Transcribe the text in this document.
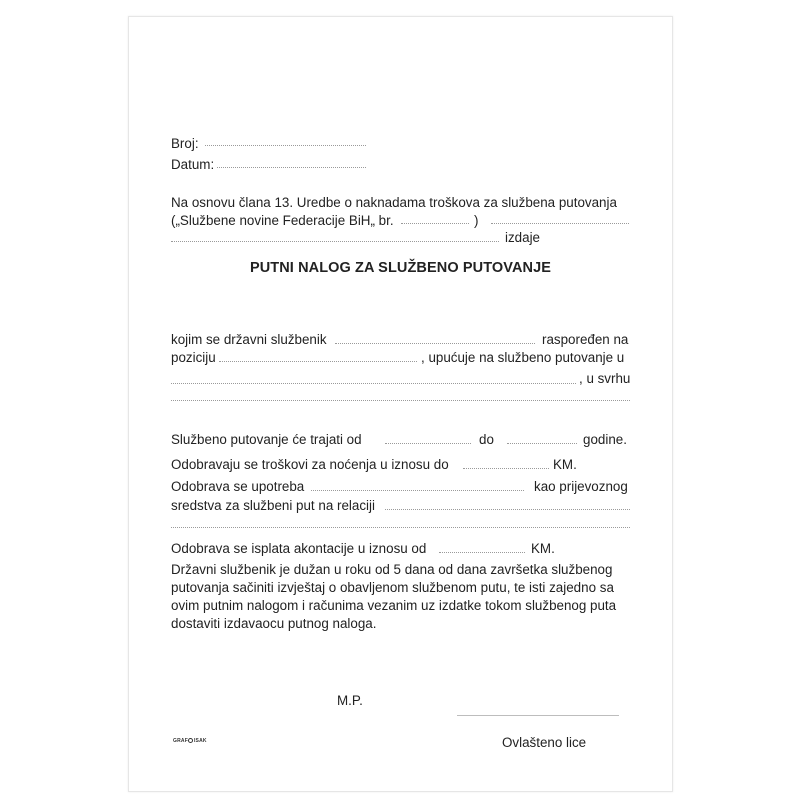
Broj:
Datum:
Na osnovu člana 13. Uredbe o naknadama troškova za službena putovanja
(„Službene novine Federacije BiH„ br.	)
izdaje
PUTNI NALOG ZA SLUŽBENO PUTOVANJE
kojim se državni službenik	raspoređen na
poziciju	, upućuje na službeno putovanje u
, u svrhu
Službeno putovanje će trajati od	do	godine.
Odobravaju se troškovi za noćenja u iznosu do	KM.
Odobrava se upotreba	kao prijevoznog
sredstva za službeni put na relaciji
Odobrava se isplata akontacije u iznosu od	KM.
Državni službenik je dužan u roku od 5 dana od dana završetka službenog
putovanja sačiniti izvještaj o obavljenom službenom putu, te isti zajedno sa
ovim putnim nalogom i računima vezanim uz izdatke tokom službenog puta
dostaviti izdavaocu putnog naloga.
M.P.
Ovlašteno lice
GRAF ISAK
